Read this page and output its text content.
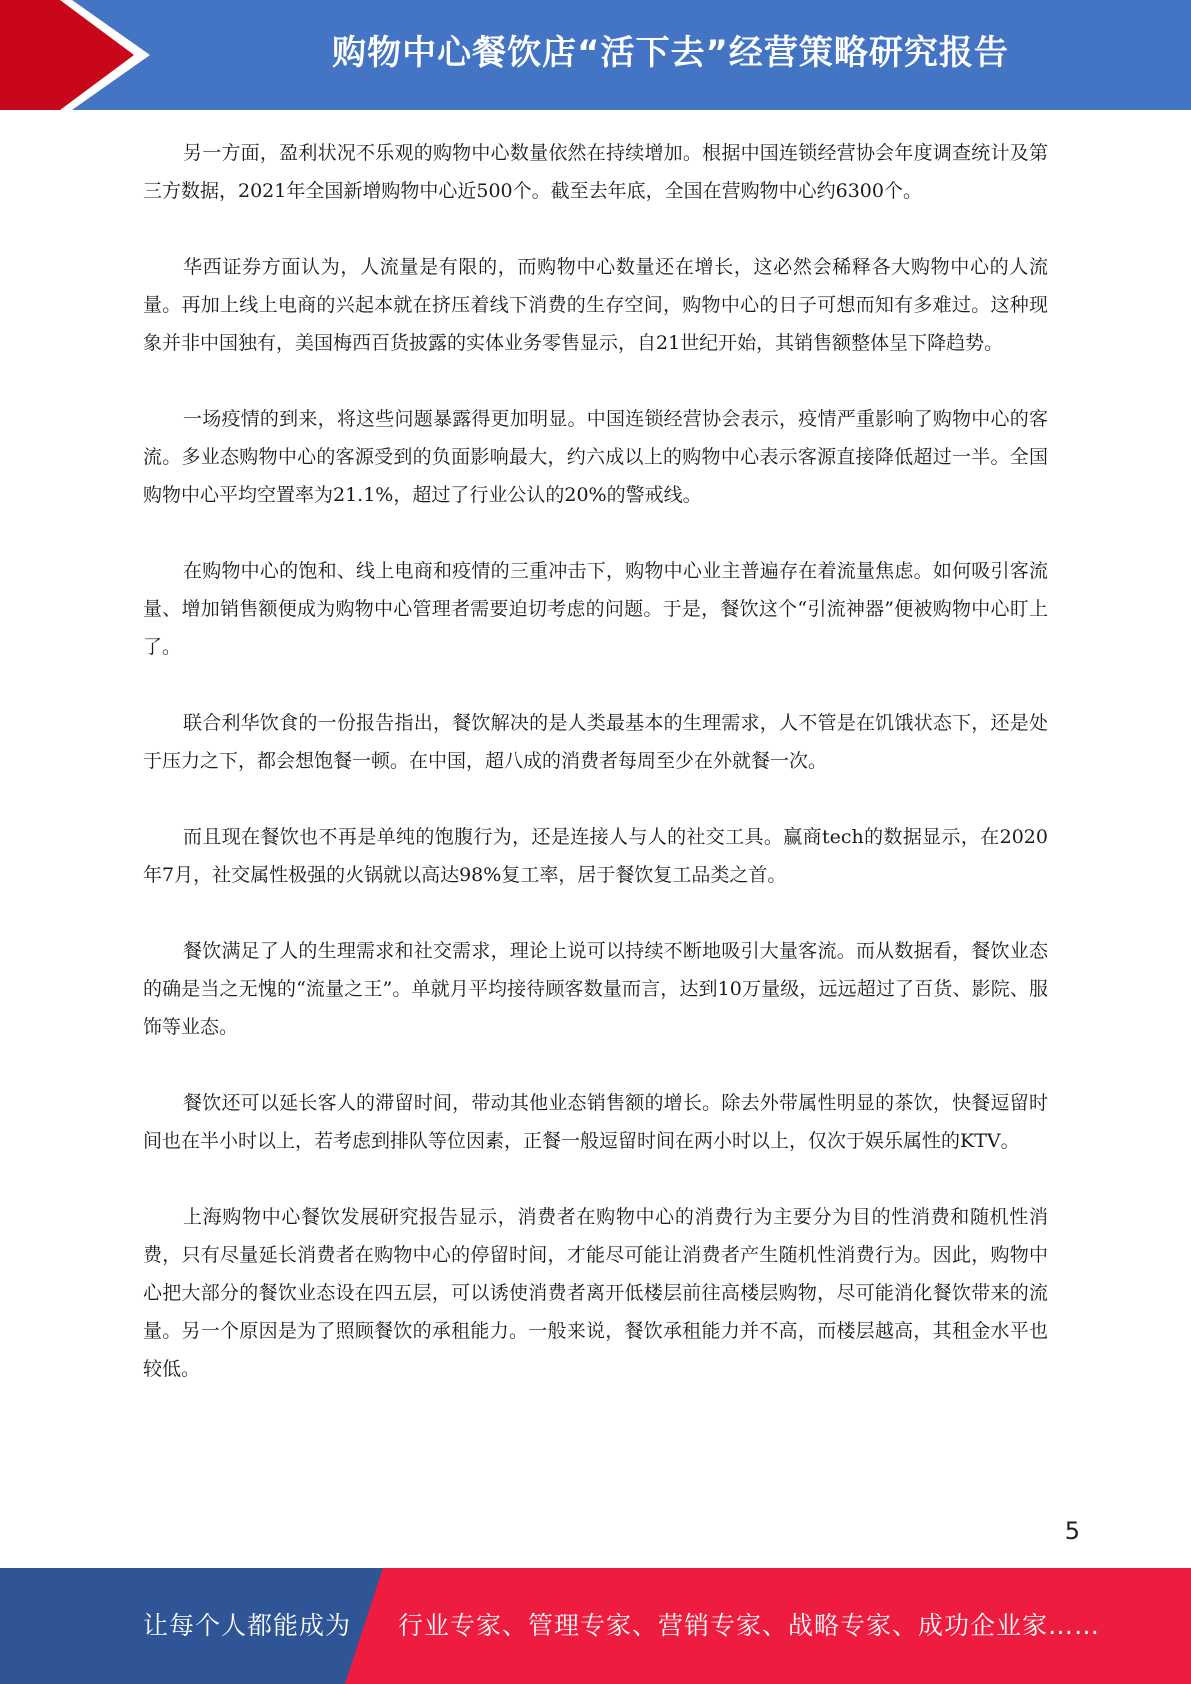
购物中心餐饮店“活下去”经营策略研究报告

另一方面，盈利状况不乐观的购物中心数量依然在持续增加。根据中国连锁经营协会年度调查统计及第三方数据，2021年全国新增购物中心近500个。截至去年底，全国在营购物中心约6300个。

华西证券方面认为，人流量是有限的，而购物中心数量还在增长，这必然会稀释各大购物中心的人流量。再加上线上电商的兴起本就在挤压着线下消费的生存空间，购物中心的日子可想而知有多难过。这种现象并非中国独有，美国梅西百货披露的实体业务零售显示，自21世纪开始，其销售额整体呈下降趋势。

一场疫情的到来，将这些问题暴露得更加明显。中国连锁经营协会表示，疫情严重影响了购物中心的客流。多业态购物中心的客源受到的负面影响最大，约六成以上的购物中心表示客源直接降低超过一半。全国购物中心平均空置率为21.1%，超过了行业公认的20%的警戒线。

在购物中心的饱和、线上电商和疫情的三重冲击下，购物中心业主普遍存在着流量焦虑。如何吸引客流量、增加销售额便成为购物中心管理者需要迫切考虑的问题。于是，餐饮这个“引流神器”便被购物中心盯上了。

联合利华饮食的一份报告指出，餐饮解决的是人类最基本的生理需求，人不管是在饥饿状态下，还是处于压力之下，都会想饱餐一顿。在中国，超八成的消费者每周至少在外就餐一次。

而且现在餐饮也不再是单纯的饱腹行为，还是连接人与人的社交工具。赢商tech的数据显示，在2020年7月，社交属性极强的火锅就以高达98%复工率，居于餐饮复工品类之首。

餐饮满足了人的生理需求和社交需求，理论上说可以持续不断地吸引大量客流。而从数据看，餐饮业态的确是当之无愧的“流量之王”。单就月平均接待顾客数量而言，达到10万量级，远远超过了百货、影院、服饰等业态。

餐饮还可以延长客人的滞留时间，带动其他业态销售额的增长。除去外带属性明显的茶饮，快餐逗留时间也在半小时以上，若考虑到排队等位因素，正餐一般逗留时间在两小时以上，仅次于娱乐属性的KTV。

上海购物中心餐饮发展研究报告显示，消费者在购物中心的消费行为主要分为目的性消费和随机性消费，只有尽量延长消费者在购物中心的停留时间，才能尽可能让消费者产生随机性消费行为。因此，购物中心把大部分的餐饮业态设在四五层，可以诱使消费者离开低楼层前往高楼层购物，尽可能消化餐饮带来的流量。另一个原因是为了照顾餐饮的承租能力。一般来说，餐饮承租能力并不高，而楼层越高，其租金水平也较低。

5
让每个人都能成为 行业专家、管理专家、营销专家、战略专家、成功企业家……
